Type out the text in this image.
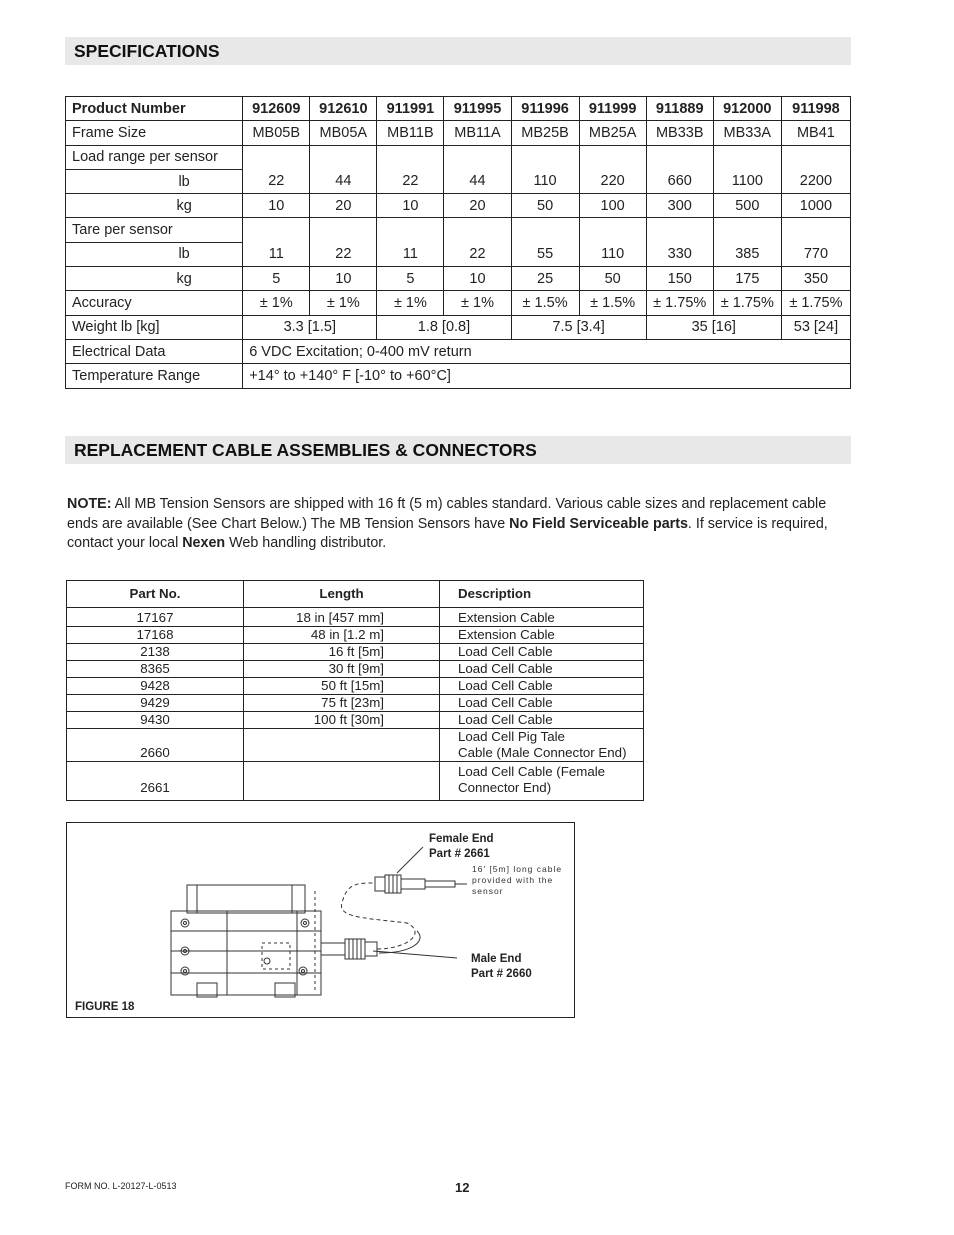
SPECIFICATIONS
Product Number	912609	912610	911991	911995	911996	911999	911889	912000	911998
Frame Size	MB05B	MB05A	MB11B	MB11A	MB25B	MB25A	MB33B	MB33A	MB41
Load range per sensor									
lb	22	44	22	44	110	220	660	1100	2200
kg	10	20	10	20	50	100	300	500	1000
Tare per sensor									
lb	11	22	11	22	55	110	330	385	770
kg	5	10	5	10	25	50	150	175	350
Accuracy	± 1%	± 1%	± 1%	± 1%	± 1.5%	± 1.5%	± 1.75%	± 1.75%	± 1.75%
Weight lb [kg]	3.3 [1.5]		1.8 [0.8]		7.5 [3.4]		35 [16]		53 [24]
Electrical Data	6 VDC Excitation; 0-400 mV return								
Temperature Range	+14° to +140° F [-10° to +60°C]								
REPLACEMENT CABLE ASSEMBLIES & CONNECTORS
NOTE: All MB Tension Sensors are shipped with 16 ft (5 m) cables standard. Various cable sizes and replacement cable ends are available (See Chart Below.) The MB Tension Sensors have No Field Serviceable parts. If service is required, contact your local Nexen Web handling distributor.
Part No.	Length	Description

17167	18 in [457 mm]	Extension Cable
17168	48 in [1.2 m]	Extension Cable
2138	16 ft [5m]	Load Cell Cable
8365	30 ft [9m]	Load Cell Cable
9428	50 ft [15m]	Load Cell Cable
9429	75 ft [23m]	Load Cell Cable
9430	100 ft [30m]	Load Cell Cable
2660		Load Cell Pig Tale
Cable (Male Connector End)

2661		Load Cell Cable (Female
Connector End)
Female End
Part # 2661
16' [5m] long cable
provided with the
sensor
Male End
Part # 2660
FIGURE 18
FORM NO. L-20127-L-0513	12
